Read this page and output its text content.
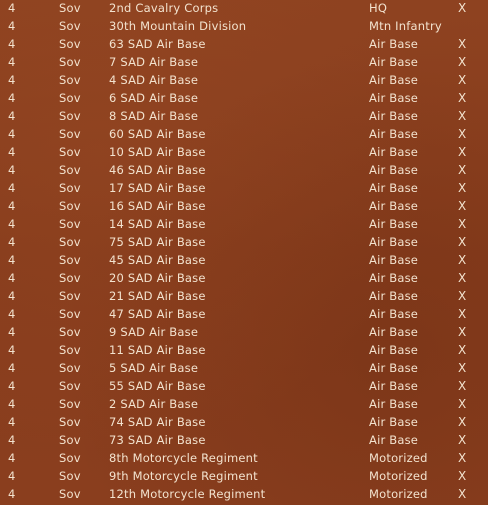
4	Sov 2nd Cavalry Corps	HQ	X
4	Sov 30th Mountain Division	Mtn Infantry
4	Sov 63 SAD Air Base	Air Base	X
4	Sov 7 SAD Air Base	Air Base	X
4	Sov 4 SAD Air Base	Air Base	X
4	Sov 6 SAD Air Base	Air Base	X
4	Sov 8 SAD Air Base	Air Base	X
4	Sov 60 SAD Air Base	Air Base	X
4	Sov 10 SAD Air Base	Air Base	X
4	Sov 46 SAD Air Base	Air Base	X
4	Sov 17 SAD Air Base	Air Base	X
4	Sov 16 SAD Air Base	Air Base	X
4	Sov 14 SAD Air Base	Air Base	X
4	Sov 75 SAD Air Base	Air Base	X
4	Sov 45 SAD Air Base	Air Base	X
4	Sov 20 SAD Air Base	Air Base	X
4	Sov 21 SAD Air Base	Air Base	X
4	Sov 47 SAD Air Base	Air Base	X
4	Sov 9 SAD Air Base	Air Base	X
4	Sov 11 SAD Air Base	Air Base	X
4	Sov 5 SAD Air Base	Air Base	X
4	Sov 55 SAD Air Base	Air Base	X
4	Sov 2 SAD Air Base	Air Base	X
4	Sov 74 SAD Air Base	Air Base	X
4	Sov 73 SAD Air Base	Air Base	X
4	Sov 8th Motorcycle Regiment	Motorized	X
4	Sov 9th Motorcycle Regiment	Motorized	X
4	Sov 12th Motorcycle Regiment	Motorized	X
